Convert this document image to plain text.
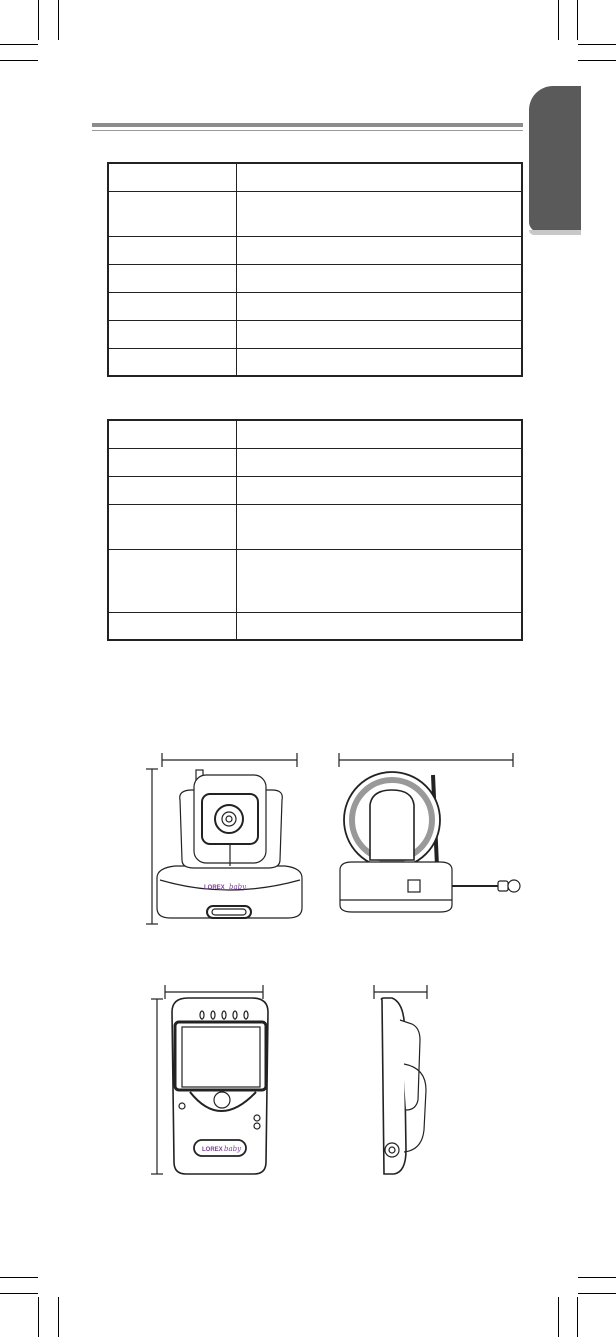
LOREX baby
LOREX baby
